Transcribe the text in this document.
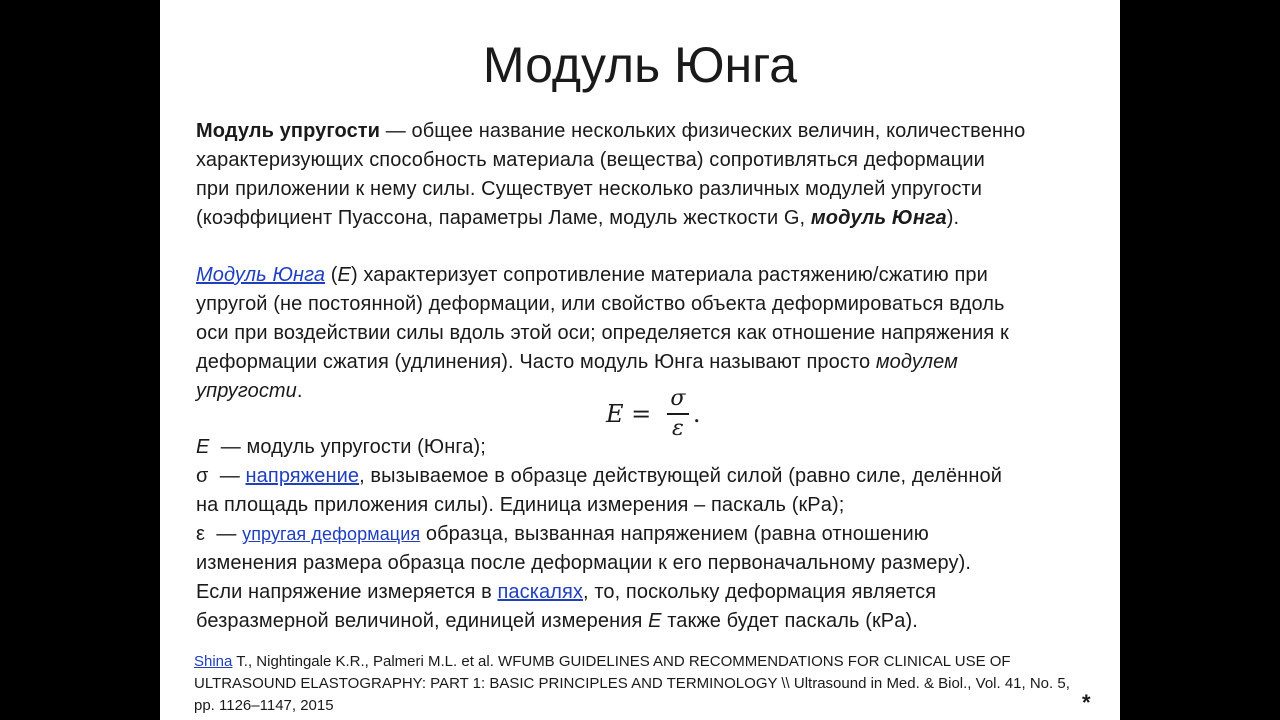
Модуль Юнга
Модуль упругости — общее название нескольких физических величин, количественно
характеризующих способность материала (вещества) сопротивляться деформации
при приложении к нему силы. Существует несколько различных модулей упругости
(коэффициент Пуассона, параметры Ламе, модуль жесткости G, модуль Юнга).
Модуль Юнга (E) характеризует сопротивление материала растяжению/сжатию при
упругой (не постоянной) деформации, или свойство объекта деформироваться вдоль
оси при воздействии силы вдоль этой оси; определяется как отношение напряжения к
деформации сжатия (удлинения). Часто модуль Юнга называют просто модулем
упругости.
$E = \frac{\sigma}{\varepsilon}$ .
E  — модуль упругости (Юнга);
σ  — напряжение, вызываемое в образце действующей силой (равно силе, делённой
на площадь приложения силы). Единица измерения – паскаль (кPa);
ε  — упругая деформация образца, вызванная напряжением (равна отношению
изменения размера образца после деформации к его первоначальному размеру).
Если напряжение измеряется в паскалях, то, поскольку деформация является
безразмерной величиной, единицей измерения E также будет паскаль (кPa).
Shina T., Nightingale K.R., Palmeri M.L. et al. WFUMB GUIDELINES AND RECOMMENDATIONS FOR CLINICAL USE OF
ULTRASOUND ELASTOGRAPHY: PART 1: BASIC PRINCIPLES AND TERMINOLOGY \\ Ultrasound in Med. & Biol., Vol. 41, No. 5,
pp. 1126–1147, 2015	*
